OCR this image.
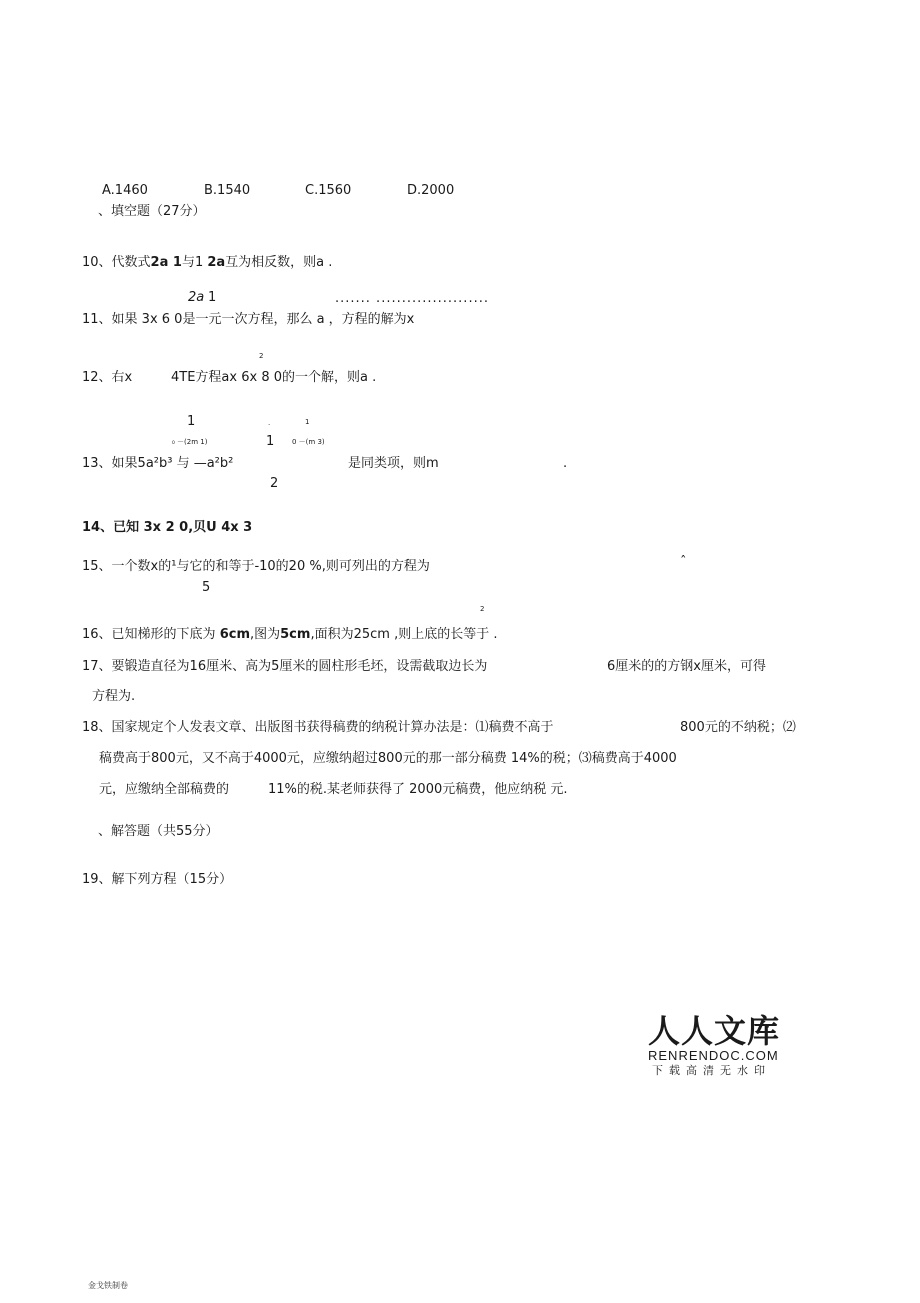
A.1460	B.1540	C.1560	D.2000
、填空题（27分）
10、代数式2a 1与1 2a互为相反数，则a .
2a 1	....... ......................
11、如果 3x 6 0是一元一次方程，那么 a ，方程的解为x
2
12、右x	4TE方程ax 6x 8 0的一个解，则a .
1	.	1
₀ －(2m 1)	1	0 －(m 3)
13、如果5a²b³ 与 —a²b²	是同类项，则m	.
2
14、已知 3x 2 0,贝U 4x 3
15、一个数x的¹与它的和等于-10的20 %,则可列出的方程为	ˆ
5
2
16、已知梯形的下底为 6cm,图为5cm,面积为25cm ,则上底的长等于 .
17、要锻造直径为16厘米、高为5厘米的圆柱形毛坯，设需截取边长为	6厘米的的方钢x厘米，可得
方程为.
18、国家规定个人发表文章、出版图书获得稿费的纳税计算办法是：⑴稿费不高于	800元的不纳税；⑵
稿费高于800元，又不高于4000元，应缴纳超过800元的那一部分稿费 14%的税；⑶稿费高于4000
元，应缴纳全部稿费的	11%的税.某老师获得了 2000元稿费，他应纳税 元.
、解答题（共55分）
19、解下列方程（15分）
人人文库
RENRENDOC.COM
下载高清无水印
金戈铁制卷
